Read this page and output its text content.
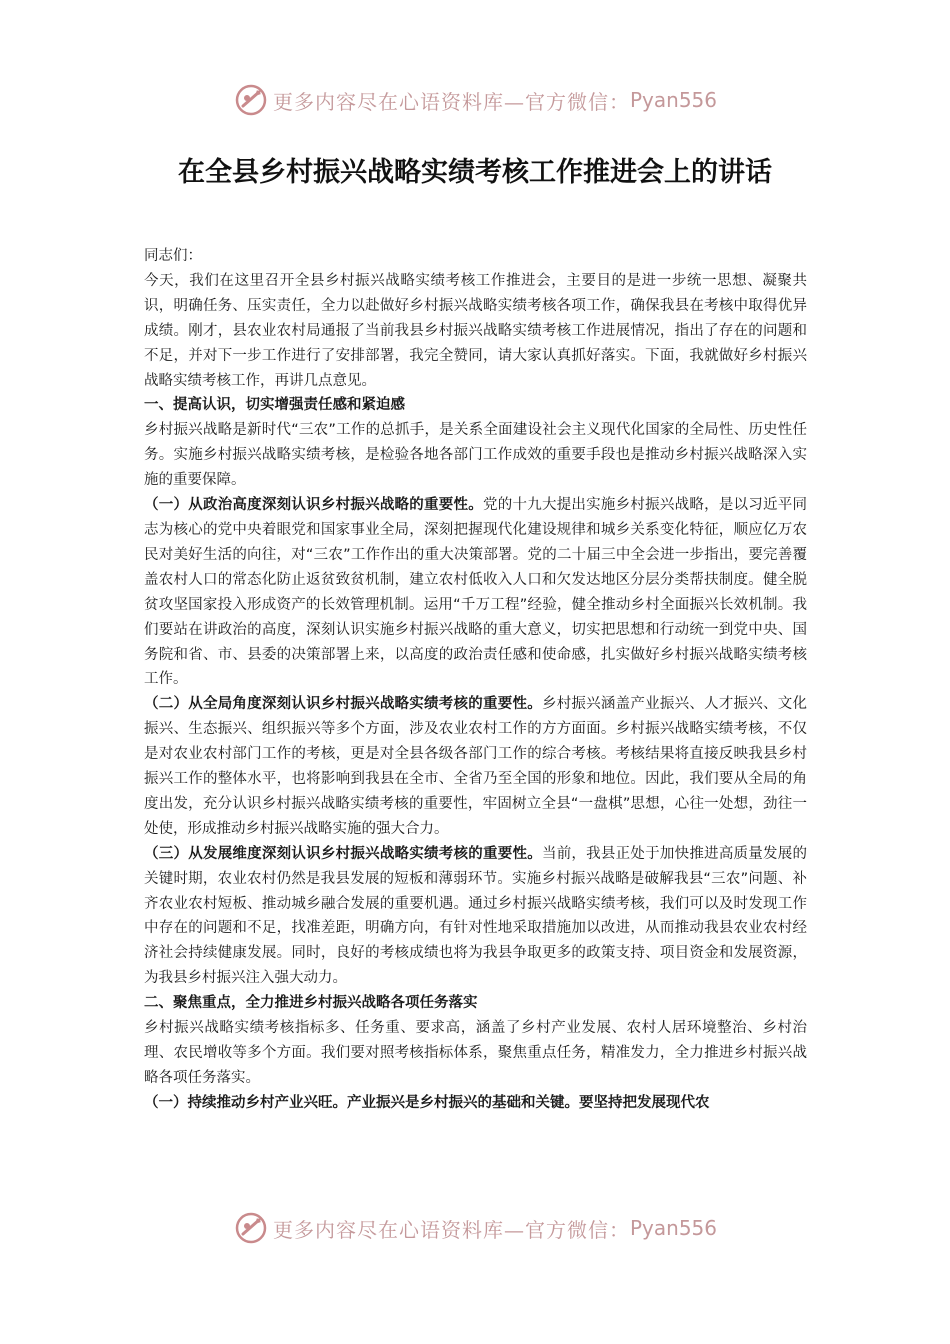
更多内容尽在心语资料库—官方微信： Pyan556
在全县乡村振兴战略实绩考核工作推进会上的讲话

同志们：

今天，我们在这里召开全县乡村振兴战略实绩考核工作推进会，主要目的是进一步统一思想、凝聚共识，明确任务、压实责任，全力以赴做好乡村振兴战略实绩考核各项工作，确保我县在考核中取得优异成绩。刚才，县农业农村局通报了当前我县乡村振兴战略实绩考核工作进展情况，指出了存在的问题和不足，并对下一步工作进行了安排部署，我完全赞同，请大家认真抓好落实。下面，我就做好乡村振兴战略实绩考核工作，再讲几点意见。

一、提高认识，切实增强责任感和紧迫感

乡村振兴战略是新时代“三农”工作的总抓手，是关系全面建设社会主义现代化国家的全局性、历史性任务。实施乡村振兴战略实绩考核，是检验各地各部门工作成效的重要手段也是推动乡村振兴战略深入实施的重要保障。

（一）从政治高度深刻认识乡村振兴战略的重要性。党的十九大提出实施乡村振兴战略，是以习近平同志为核心的党中央着眼党和国家事业全局，深刻把握现代化建设规律和城乡关系变化特征，顺应亿万农民对美好生活的向往，对“三农”工作作出的重大决策部署。党的二十届三中全会进一步指出，要完善覆盖农村人口的常态化防止返贫致贫机制，建立农村低收入人口和欠发达地区分层分类帮扶制度。健全脱贫攻坚国家投入形成资产的长效管理机制。运用“千万工程”经验，健全推动乡村全面振兴长效机制。我们要站在讲政治的高度，深刻认识实施乡村振兴战略的重大意义，切实把思想和行动统一到党中央、国务院和省、市、县委的决策部署上来，以高度的政治责任感和使命感，扎实做好乡村振兴战略实绩考核工作。

（二）从全局角度深刻认识乡村振兴战略实绩考核的重要性。乡村振兴涵盖产业振兴、人才振兴、文化振兴、生态振兴、组织振兴等多个方面，涉及农业农村工作的方方面面。乡村振兴战略实绩考核，不仅是对农业农村部门工作的考核，更是对全县各级各部门工作的综合考核。考核结果将直接反映我县乡村振兴工作的整体水平，也将影响到我县在全市、全省乃至全国的形象和地位。因此，我们要从全局的角度出发，充分认识乡村振兴战略实绩考核的重要性，牢固树立全县“一盘棋”思想，心往一处想，劲往一处使，形成推动乡村振兴战略实施的强大合力。

（三）从发展维度深刻认识乡村振兴战略实绩考核的重要性。当前，我县正处于加快推进高质量发展的关键时期，农业农村仍然是我县发展的短板和薄弱环节。实施乡村振兴战略是破解我县“三农”问题、补齐农业农村短板、推动城乡融合发展的重要机遇。通过乡村振兴战略实绩考核，我们可以及时发现工作中存在的问题和不足，找准差距，明确方向，有针对性地采取措施加以改进，从而推动我县农业农村经济社会持续健康发展。同时，良好的考核成绩也将为我县争取更多的政策支持、项目资金和发展资源，为我县乡村振兴注入强大动力。

二、聚焦重点，全力推进乡村振兴战略各项任务落实

乡村振兴战略实绩考核指标多、任务重、要求高，涵盖了乡村产业发展、农村人居环境整治、乡村治理、农民增收等多个方面。我们要对照考核指标体系，聚焦重点任务，精准发力，全力推进乡村振兴战略各项任务落实。

（一）持续推动乡村产业兴旺。产业振兴是乡村振兴的基础和关键。要坚持把发展现代农

更多内容尽在心语资料库—官方微信： Pyan556
